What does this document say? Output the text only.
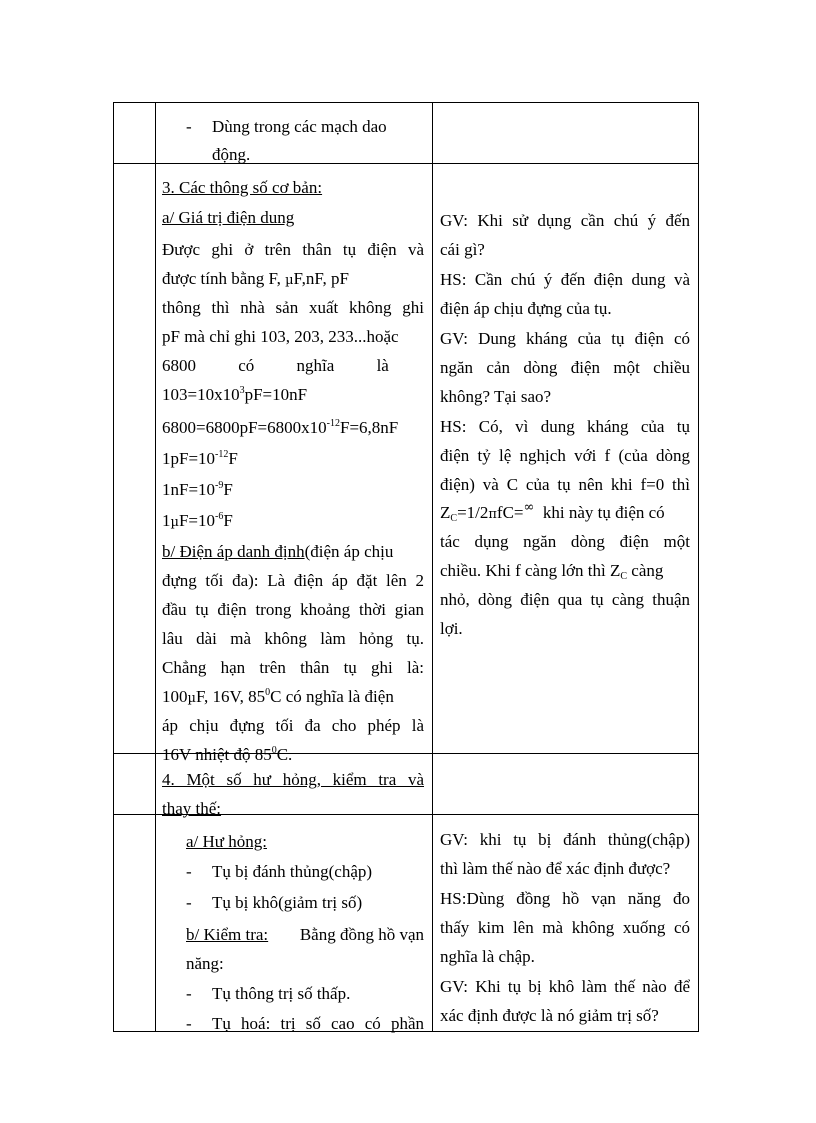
- Dùng trong các mạch dao
động.
3. Các thông số cơ bản:
a/ Giá trị điện dung
Được ghi ở trên thân tụ điện và
được tính bằng F, µF,nF, pF
thông thì nhà sản xuất không ghi
pF mà chỉ ghi 103, 203, 233...hoặc
6800 có nghĩa là
$103=10x10^3pF=10nF$
$6800=6800pF=6800x10^{-12}F=6,8nF$
$1pF=10^{-12}F$
$1nF=10^{-9}F$
$1\mu F=10^{-6}F$
b/ Điện áp danh định(điện áp chịu
đựng tối đa): Là điện áp đặt lên 2
đầu tụ điện trong khoảng thời gian
lâu dài mà không làm hỏng tụ.
Chẳng hạn trên thân tụ ghi là:
100µF, 16V, $85^0C$ có nghĩa là điện
áp chịu đựng tối đa cho phép là
16V nhiệt độ $85^0C$.
GV: Khi sử dụng cần chú ý đến
cái gì?
HS: Cần chú ý đến điện dung và
điện áp chịu đựng của tụ.
GV: Dung kháng của tụ điện có
ngăn cản dòng điện một chiều
không? Tại sao?
HS: Có, vì dung kháng của tụ
điện tỷ lệ nghịch với f (của dòng
điện) và C của tụ nên khi f=0 thì
$Z_C=1/2\pi fC=^\infty$ khi này tụ điện có
tác dụng ngăn dòng điện một
chiều. Khi f càng lớn thì $Z_C$ càng
nhỏ, dòng điện qua tụ càng thuận
lợi.
4. Một số hư hỏng, kiểm tra và
thay thế:
a/ Hư hỏng:
- Tụ bị đánh thủng(chập)
- Tụ bị khô(giảm trị số)
b/ Kiểm tra: Bằng đồng hồ vạn
năng:
- Tụ thông trị số thấp.
- Tụ hoá: trị số cao có phần
GV: khi tụ bị đánh thủng(chập)
thì làm thế nào để xác định được?
HS:Dùng đồng hồ vạn năng đo
thấy kim lên mà không xuống có
nghĩa là chập.
GV: Khi tụ bị khô làm thế nào để
xác định được là nó giảm trị số?
